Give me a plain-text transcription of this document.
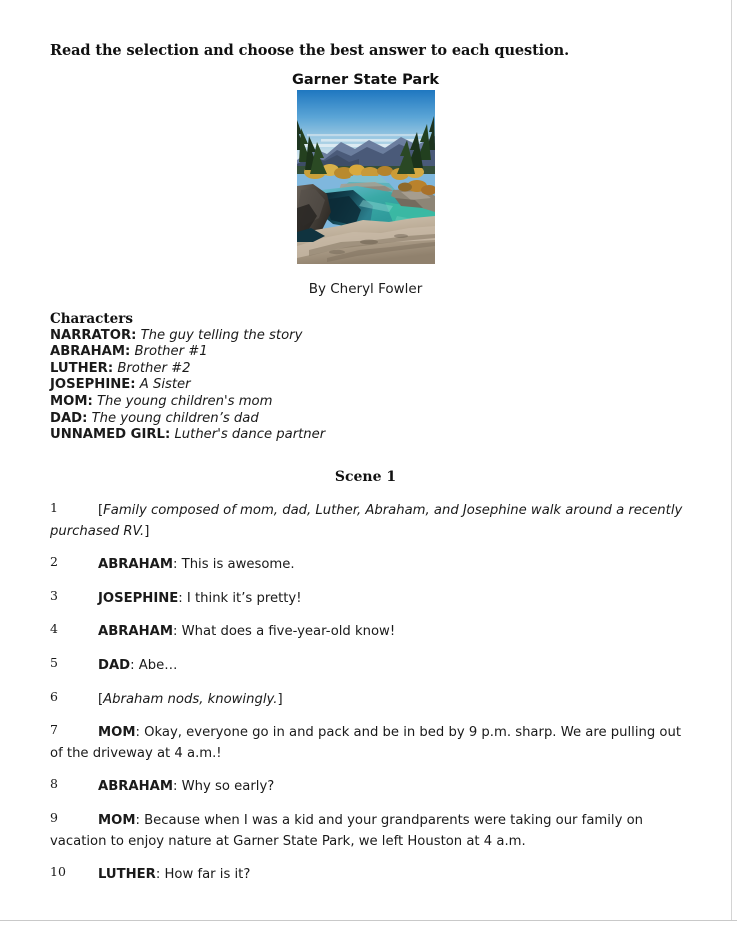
Read the selection and choose the best answer to each question.
Garner State Park
By Cheryl Fowler
Characters
NARRATOR: The guy telling the story
ABRAHAM: Brother #1
LUTHER: Brother #2
JOSEPHINE: A Sister
MOM: The young children's mom
DAD: The young children’s dad
UNNAMED GIRL: Luther's dance partner
Scene 1
1	[Family composed of mom, dad, Luther, Abraham, and Josephine walk around a recently purchased RV.]
2	ABRAHAM: This is awesome.
3	JOSEPHINE: I think it’s pretty!
4	ABRAHAM: What does a five-year-old know!
5	DAD: Abe…
6	[Abraham nods, knowingly.]
7	MOM: Okay, everyone go in and pack and be in bed by 9 p.m. sharp. We are pulling out of the driveway at 4 a.m.!
8	ABRAHAM: Why so early?
9	MOM: Because when I was a kid and your grandparents were taking our family on vacation to enjoy nature at Garner State Park, we left Houston at 4 a.m.
10	LUTHER: How far is it?
